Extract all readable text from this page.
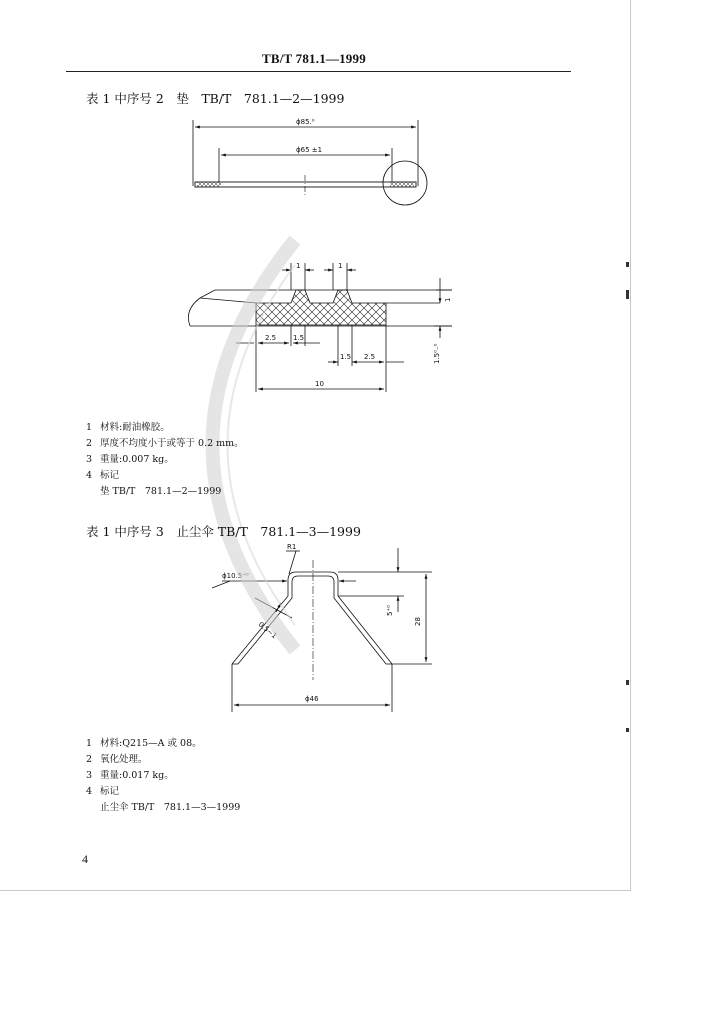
TB/T 781.1—1999
表 1 中序号 2　垫　TB/T　781.1—2—1999
ϕ85.⁰
ϕ65 ±1
1	1
1
2.5 1.5
1.5 2.5
10
1.5⁰₋⁰
R1
ϕ10.5⁺⁰
0.5~1
5⁺⁰
28
ϕ46
1 材料:耐油橡胶。
2 厚度不均度小于或等于 0.2 mm。
3 重量:0.007 kg。
4 标记
垫 TB/T　781.1—2—1999
表 1 中序号 3　止尘伞 TB/T　781.1—3—1999
1 材料:Q215—A 或 08。
2 氧化处理。
3 重量:0.017 kg。
4 标记
止尘伞 TB/T　781.1—3—1999
4
